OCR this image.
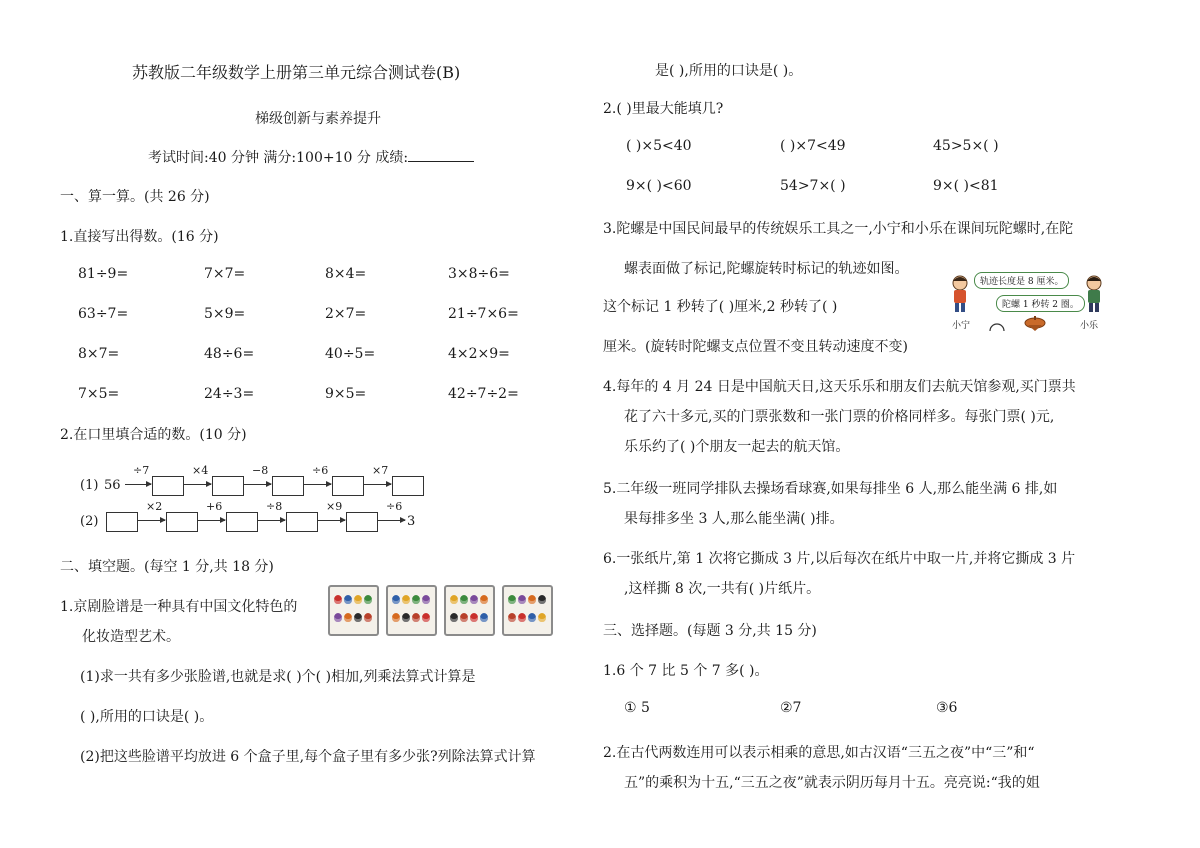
苏教版二年级数学上册第三单元综合测试卷(B)
梯级创新与素养提升
考试时间:40 分钟 满分:100+10 分 成绩:
一、算一算。(共 26 分)
1.直接写出得数。(16 分)
81÷9=	7×7=	8×4=	3×8÷6=
63÷7=	5×9=	2×7=	21÷7×6=
8×7=	48÷6=	40÷5=	4×2×9=
7×5=	24÷3=	9×5=	42÷7÷2=
2.在口里填合适的数。(10 分)
(1) 56
÷7	×4	−8	÷6	×7
(2)
×2	+6	÷8	×9	÷6
3
二、填空题。(每空 1 分,共 18 分)
1.京剧脸谱是一种具有中国文化特色的
化妆造型艺术。
(1)求一共有多少张脸谱,也就是求( )个( )相加,列乘法算式计算是
( ),所用的口诀是( )。
(2)把这些脸谱平均放进 6 个盒子里,每个盒子里有多少张?列除法算式计算
是( ),所用的口诀是( )。
2.( )里最大能填几?
( )×5<40	( )×7<49	45>5×( )
9×( )<60	54>7×( )	9×( )<81
3.陀螺是中国民间最早的传统娱乐工具之一,小宁和小乐在课间玩陀螺时,在陀
螺表面做了标记,陀螺旋转时标记的轨迹如图。
这个标记 1 秒转了( )厘米,2 秒转了( )
厘米。(旋转时陀螺支点位置不变且转动速度不变)
轨迹长度是 8 厘米。
陀螺 1 秒转 2 圈。
小宁	小乐
4.每年的 4 月 24 日是中国航天日,这天乐乐和朋友们去航天馆参观,买门票共
花了六十多元,买的门票张数和一张门票的价格同样多。每张门票( )元,
乐乐约了( )个朋友一起去的航天馆。
5.二年级一班同学排队去操场看球赛,如果每排坐 6 人,那么能坐满 6 排,如
果每排多坐 3 人,那么能坐满( )排。
6.一张纸片,第 1 次将它撕成 3 片,以后每次在纸片中取一片,并将它撕成 3 片
,这样撕 8 次,一共有( )片纸片。
三、选择题。(每题 3 分,共 15 分)
1.6 个 7 比 5 个 7 多( )。
① 5	②7	③6
2.在古代两数连用可以表示相乘的意思,如古汉语“三五之夜”中“三”和“
五”的乘积为十五,“三五之夜”就表示阴历每月十五。亮亮说:“我的姐
